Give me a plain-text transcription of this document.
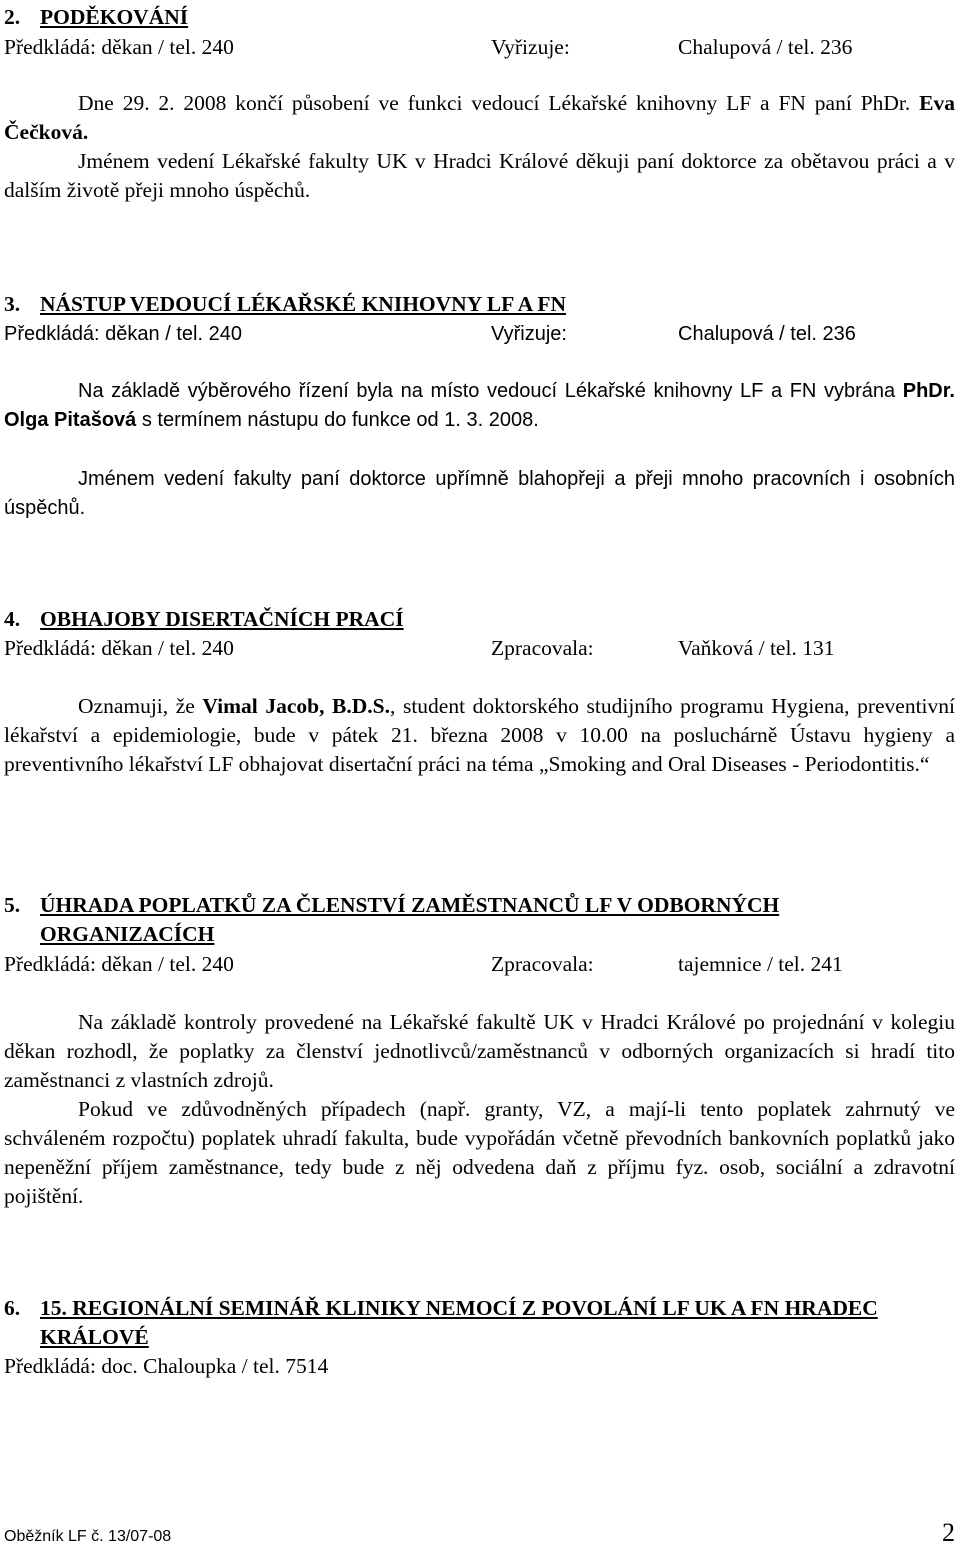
2. PODĚKOVÁNÍ
Předkládá: děkan / tel. 240	Vyřizuje:	Chalupová / tel. 236
Dne 29. 2. 2008 končí působení ve funkci vedoucí Lékařské knihovny LF a FN paní PhDr. Eva Čečková.
Jménem vedení Lékařské fakulty UK v Hradci Králové děkuji paní doktorce za obětavou práci a v dalším životě přeji mnoho úspěchů.
3. NÁSTUP VEDOUCÍ LÉKAŘSKÉ KNIHOVNY LF A FN
Předkládá: děkan / tel. 240	Vyřizuje:	Chalupová / tel. 236
Na základě výběrového řízení byla na místo vedoucí Lékařské knihovny LF a FN vybrána PhDr. Olga Pitašová s termínem nástupu do funkce od 1. 3. 2008.
Jménem vedení fakulty paní doktorce upřímně blahopřeji a přeji mnoho pracovních i osobních úspěchů.
4. OBHAJOBY DISERTAČNÍCH PRACÍ
Předkládá: děkan / tel. 240	Zpracovala:	Vaňková / tel. 131
Oznamuji, že Vimal Jacob, B.D.S., student doktorského studijního programu Hygiena, preventivní lékařství a epidemiologie, bude v pátek 21. března 2008 v 10.00 na posluchárně Ústavu hygieny a preventivního lékařství LF obhajovat disertační práci na téma „Smoking and Oral Diseases - Periodontitis.“
5. ÚHRADA POPLATKŮ ZA ČLENSTVÍ ZAMĚSTNANCŮ LF V ODBORNÝCH ORGANIZACÍCH
Předkládá: děkan / tel. 240	Zpracovala:	tajemnice / tel. 241
Na základě kontroly provedené na Lékařské fakultě UK v Hradci Králové po projednání v kolegiu děkan rozhodl, že poplatky za členství jednotlivců/zaměstnanců v odborných organizacích si hradí tito zaměstnanci z vlastních zdrojů.
Pokud ve zdůvodněných případech (např. granty, VZ, a mají-li tento poplatek zahrnutý ve schváleném rozpočtu) poplatek uhradí fakulta, bude vypořádán včetně převodních bankovních poplatků jako nepeněžní příjem zaměstnance, tedy bude z něj odvedena daň z příjmu fyz. osob, sociální a zdravotní pojištění.
6. 15. REGIONÁLNÍ SEMINÁŘ KLINIKY NEMOCÍ Z POVOLÁNÍ LF UK A FN HRADEC KRÁLOVÉ
Předkládá: doc. Chaloupka / tel. 7514
Oběžník LF č. 13/07-08	2
